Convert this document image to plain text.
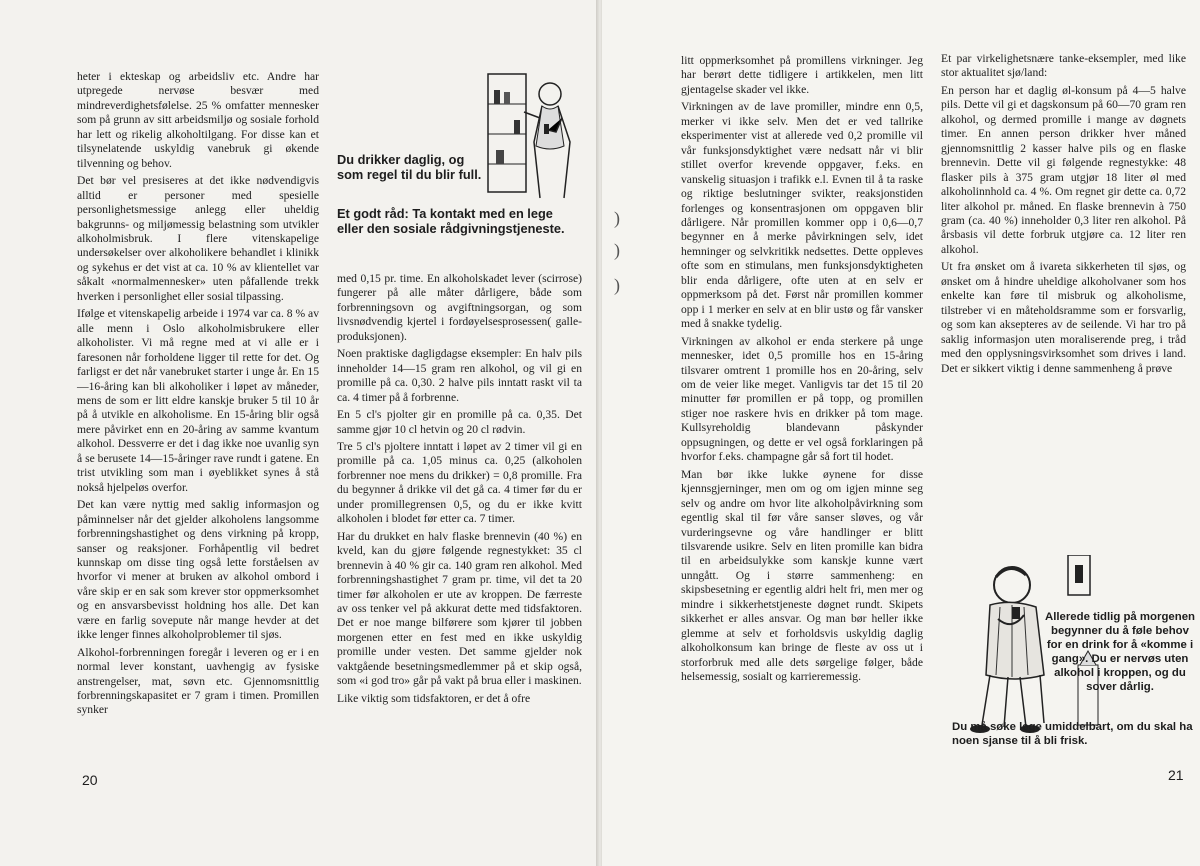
heter i ekteskap og arbeidsliv etc. Andre har utpregede nervøse besvær med mindreverdighetsfølelse. 25 % omfatter mennesker som på grunn av sitt arbeidsmiljø og sosiale forhold har lett og rikelig alkoholtilgang. For disse kan et tilsynelatende uskyldig vanebruk gi økende tilvenning og behov.

Det bør vel presiseres at det ikke nødvendigvis alltid er personer med spesielle personlighetsmessige anlegg eller uheldig bakgrunns- og miljømessig belastning som utvikler alkoholmisbruk. I flere vitenskapelige undersøkelser over alkoholikere behandlet i klinikk og sykehus er det vist at ca. 10 % av klientellet var såkalt «normalmennesker» uten påfallende trekk hverken i personlighet eller sosial tilpassing.

Ifølge et vitenskapelig arbeide i 1974 var ca. 8 % av alle menn i Oslo alkoholmisbrukere eller alkoholister. Vi må regne med at vi alle er i faresonen når forholdene ligger til rette for det. Og farligst er det når vanebruket starter i unge år. En 15—16-åring kan bli alkoholiker i løpet av måneder, mens de som er litt eldre kanskje bruker 5 til 10 år på å utvikle en alkoholisme. En 15-åring blir også mere påvirket enn en 20-åring av samme kvantum alkohol. Dessverre er det i dag ikke noe uvanlig syn å se berusete 14—15-åringer rave rundt i gatene. En trist utvikling som man i øyeblikket synes å stå nokså hjelpeløs overfor.

Det kan være nyttig med saklig informasjon og påminnelser når det gjelder alkoholens langsomme forbrenningshastighet og dens virkning på kropp, sanser og reaksjoner. Forhåpentlig vil bedret kunnskap om disse ting også lette forståelsen av hvorfor vi mener at bruken av alkohol ombord i våre skip er en sak som krever stor oppmerksomhet og en ansvarsbevisst holdning hos alle. Det kan være en farlig sovepute når mange hevder at det ikke lenger finnes alkoholproblemer til sjøs.

Alkohol-forbrenningen foregår i leveren og er i en normal lever konstant, uavhengig av fysiske anstrengelser, mat, søvn etc. Gjennomsnittlig forbrenningskapasitet er 7 gram i timen. Promillen synker

Du drikker daglig, og som regel til du blir full.
Et godt råd: Ta kontakt med en lege eller den sosiale rådgivningstjeneste.

med 0,15 pr. time. En alkoholskadet lever (scirrose) fungerer på alle måter dårligere, både som forbrenningsovn og avgiftningsorgan, og som livsnødvendig kjertel i fordøyelsesprosessen( galle-produksjonen).

Noen praktiske dagligdagse eksempler: En halv pils inneholder 14—15 gram ren alkohol, og vil gi en promille på ca. 0,30. 2 halve pils inntatt raskt vil ta ca. 4 timer på å forbrenne.

En 5 cl's pjolter gir en promille på ca. 0,35. Det samme gjør 10 cl hetvin og 20 cl rødvin.

Tre 5 cl's pjoltere inntatt i løpet av 2 timer vil gi en promille på ca. 1,05 minus ca. 0,25 (alkoholen forbrenner noe mens du drikker) = 0,8 promille. Fra du begynner å drikke vil det gå ca. 4 timer før du er under promillegrensen 0,5, og du er ikke kvitt alkoholen i blodet før etter ca. 7 timer.

Har du drukket en halv flaske brennevin (40 %) en kveld, kan du gjøre følgende regnestykket: 35 cl brennevin à 40 % gir ca. 140 gram ren alkohol. Med forbrenningshastighet 7 gram pr. time, vil det ta 20 timer før alkoholen er ute av kroppen. De færreste av oss tenker vel på akkurat dette med tidsfaktoren. Det er noe mange bilførere som kjører til jobben morgenen etter en fest med en ikke uskyldig promille under vesten. Det samme gjelder nok vaktgående besetningsmedlemmer på et skip også, som «i god tro» går på vakt på brua eller i maskinen.

Like viktig som tidsfaktoren, er det å ofre

20
)
)
)

litt oppmerksomhet på promillens virkninger. Jeg har berørt dette tidligere i artikkelen, men litt gjentagelse skader vel ikke.

Virkningen av de lave promiller, mindre enn 0,5, merker vi ikke selv. Men det er ved tallrike eksperimenter vist at allerede ved 0,2 promille vil vår funksjonsdyktighet være nedsatt når vi blir stillet overfor krevende oppgaver, f.eks. en vanskelig situasjon i trafikk e.l. Evnen til å ta raske og riktige beslutninger svikter, reaksjonstiden forlenges og konsentrasjonen om oppgaven blir dårligere. Når promillen kommer opp i 0,6—0,7 begynner en å merke påvirkningen selv, idet hemninger og selvkritikk nedsettes. Dette oppleves ofte som en stimulans, men funksjonsdyktigheten blir enda dårligere, ofte uten at en selv er oppmerksom på det. Først når promillen kommer opp i 1 merker en selv at en blir ustø og får vansker med å snakke tydelig.

Virkningen av alkohol er enda sterkere på unge mennesker, idet 0,5 promille hos en 15-åring tilsvarer omtrent 1 promille hos en 20-åring, selv om de veier like meget. Vanligvis tar det 15 til 20 minutter før promillen er på topp, og promillen stiger noe raskere hvis en drikker på tom mage. Kullsyreholdig blandevann påskynder oppsugningen, og dette er vel også forklaringen på hvorfor f.eks. champagne går så fort til hodet.

Man bør ikke lukke øynene for disse kjennsgjerninger, men om og om igjen minne seg selv og andre om hvor lite alkoholpåvirkning som egentlig skal til før våre sanser sløves, og vår vurderingsevne og våre handlinger er blitt tilsvarende usikre. Selv en liten promille kan bidra til en arbeidsulykke som kanskje kunne vært unngått. Og i større sammenheng: en skipsbesetning er egentlig aldri helt fri, men mer og mindre i sikkerhetstjeneste døgnet rundt. Skipets sikkerhet er alles ansvar. Og man bør heller ikke glemme at selv et forholdsvis uskyldig daglig alkoholkonsum kan bringe de fleste av oss ut i storforbruk med alle dets sørgelige følger, både helsemessig, sosialt og karrieremessig.

Et par virkelighetsnære tanke-eksempler, med like stor aktualitet sjø/land:

En person har et daglig øl-konsum på 4—5 halve pils. Dette vil gi et dagskonsum på 60—70 gram ren alkohol, og dermed promille i mange av døgnets timer. En annen person drikker hver måned gjennomsnittlig 2 kasser halve pils og en flaske brennevin. Dette vil gi følgende regnestykke: 48 flasker pils à 375 gram utgjør 18 liter øl med alkoholinnhold ca. 4 %. Om regnet gir dette ca. 0,72 liter alkohol pr. måned. En flaske brennevin à 750 gram (ca. 40 %) inneholder 0,3 liter ren alkohol. På årsbasis vil dette forbruk utgjøre ca. 12 liter ren alkohol.

Ut fra ønsket om å ivareta sikkerheten til sjøs, og ønsket om å hindre uheldige alkoholvaner som hos enkelte kan føre til misbruk og alkoholisme, tilstreber vi en måteholdsramme som er forsvarlig, og som kan aksepteres av de seilende. Vi har tro på saklig informasjon uten moraliserende preg, i tråd med den opplysningsvirksomhet som drives i land. Det er sikkert viktig i denne sammenheng å prøve

Allerede tidlig på morgenen begynner du å føle behov for en drink for å «komme i gang». Du er nervøs uten alkohol i kroppen, og du sover dårlig.
Du må søke lege umiddelbart, om du skal ha noen sjanse til å bli frisk.
21
